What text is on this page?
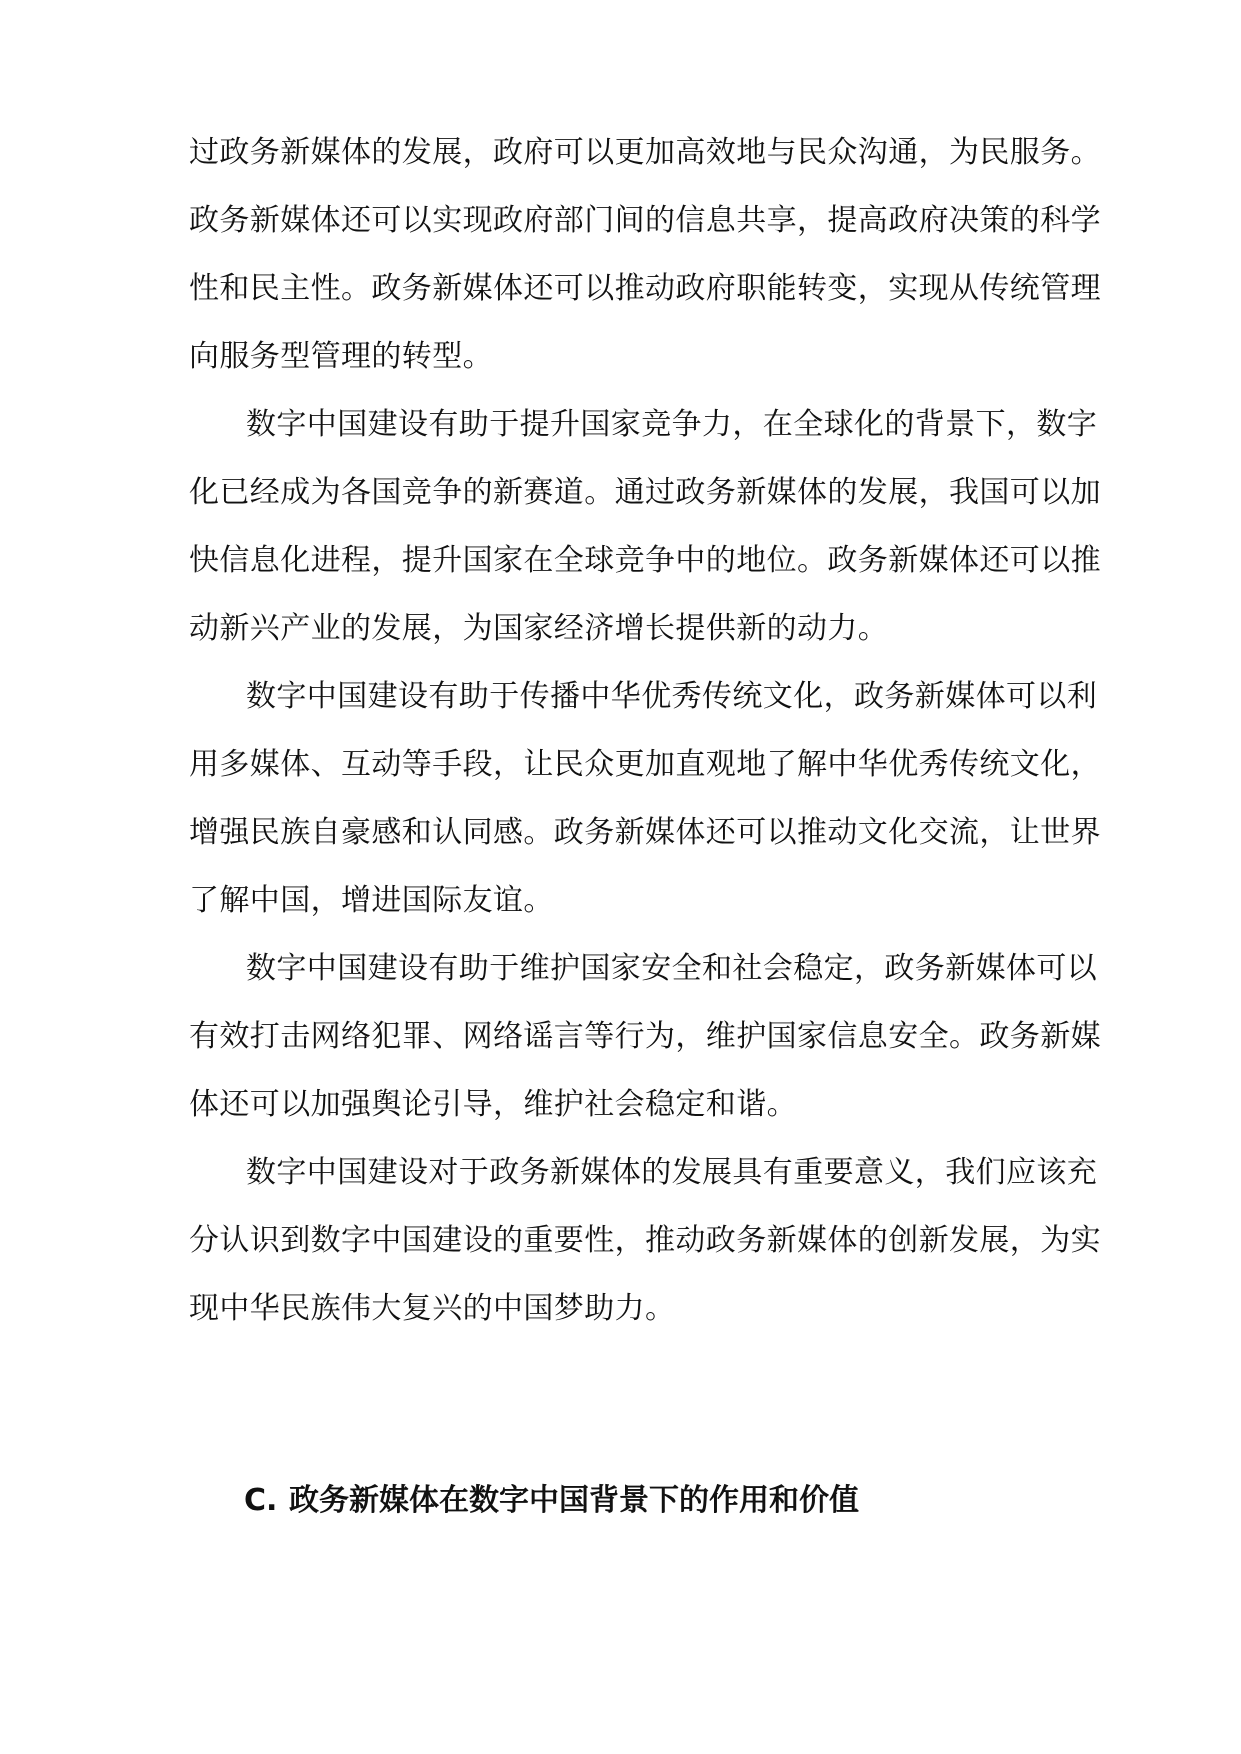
过政务新媒体的发展，政府可以更加高效地与民众沟通，为民服务。
政务新媒体还可以实现政府部门间的信息共享，提高政府决策的科学
性和民主性。政务新媒体还可以推动政府职能转变，实现从传统管理
向服务型管理的转型。
数字中国建设有助于提升国家竞争力，在全球化的背景下，数字
化已经成为各国竞争的新赛道。通过政务新媒体的发展，我国可以加
快信息化进程，提升国家在全球竞争中的地位。政务新媒体还可以推
动新兴产业的发展，为国家经济增长提供新的动力。
数字中国建设有助于传播中华优秀传统文化，政务新媒体可以利
用多媒体、互动等手段，让民众更加直观地了解中华优秀传统文化，
增强民族自豪感和认同感。政务新媒体还可以推动文化交流，让世界
了解中国，增进国际友谊。
数字中国建设有助于维护国家安全和社会稳定，政务新媒体可以
有效打击网络犯罪、网络谣言等行为，维护国家信息安全。政务新媒
体还可以加强舆论引导，维护社会稳定和谐。
数字中国建设对于政务新媒体的发展具有重要意义，我们应该充
分认识到数字中国建设的重要性，推动政务新媒体的创新发展，为实
现中华民族伟大复兴的中国梦助力。
C. 政务新媒体在数字中国背景下的作用和价值
